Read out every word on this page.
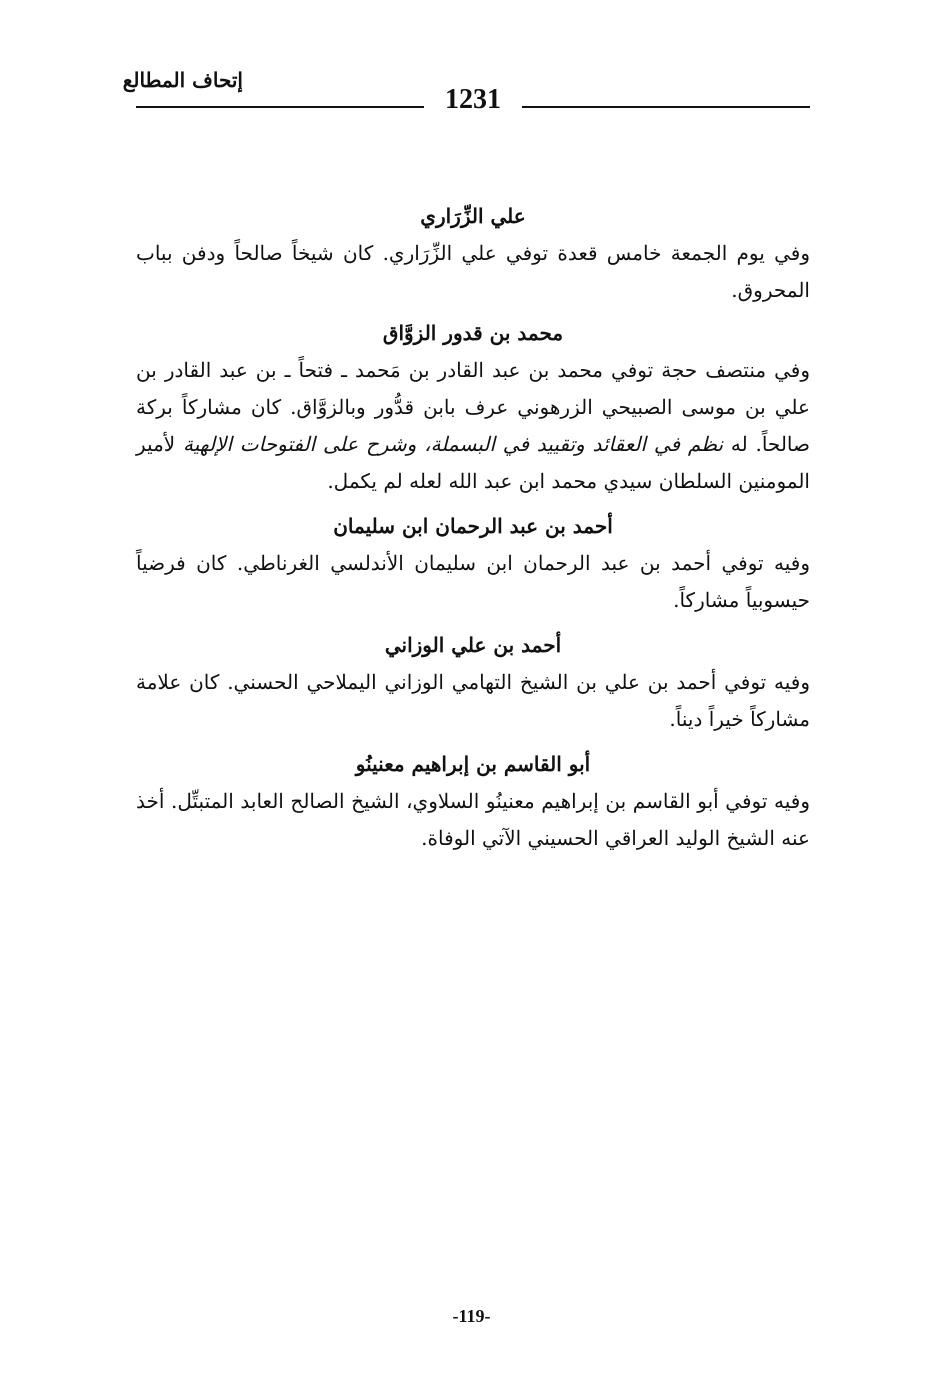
إتحاف المطالع
1231
علي الزِّرَاري
وفي يوم الجمعة خامس قعدة توفي علي الزِّرَاري. كان شيخاً صالحاً ودفن بباب المحروق.
محمد بن قدور الزوَّاق
وفي منتصف حجة توفي محمد بن عبد القادر بن مَحمد ـ فتحاً ـ بن عبد القادر بن علي بن موسى الصبيحي الزرهوني عرف بابن قدُّور وبالزوَّاق. كان مشاركاً بركة صالحاً. له نظم في العقائد وتقييد في البسملة، وشرح على الفتوحات الإلهية لأمير المومنين السلطان سيدي محمد ابن عبد الله لعله لم يكمل.
أحمد بن عبد الرحمان ابن سليمان
وفيه توفي أحمد بن عبد الرحمان ابن سليمان الأندلسي الغرناطي. كان فرضياً حيسوبياً مشاركاً.
أحمد بن علي الوزاني
وفيه توفي أحمد بن علي بن الشيخ التهامي الوزاني اليملاحي الحسني. كان علامة مشاركاً خيراً ديناً.
أبو القاسم بن إبراهيم معنينُو
وفيه توفي أبو القاسم بن إبراهيم معنينُو السلاوي، الشيخ الصالح العابد المتبتِّل. أخذ عنه الشيخ الوليد العراقي الحسيني الآتي الوفاة.
-119-
